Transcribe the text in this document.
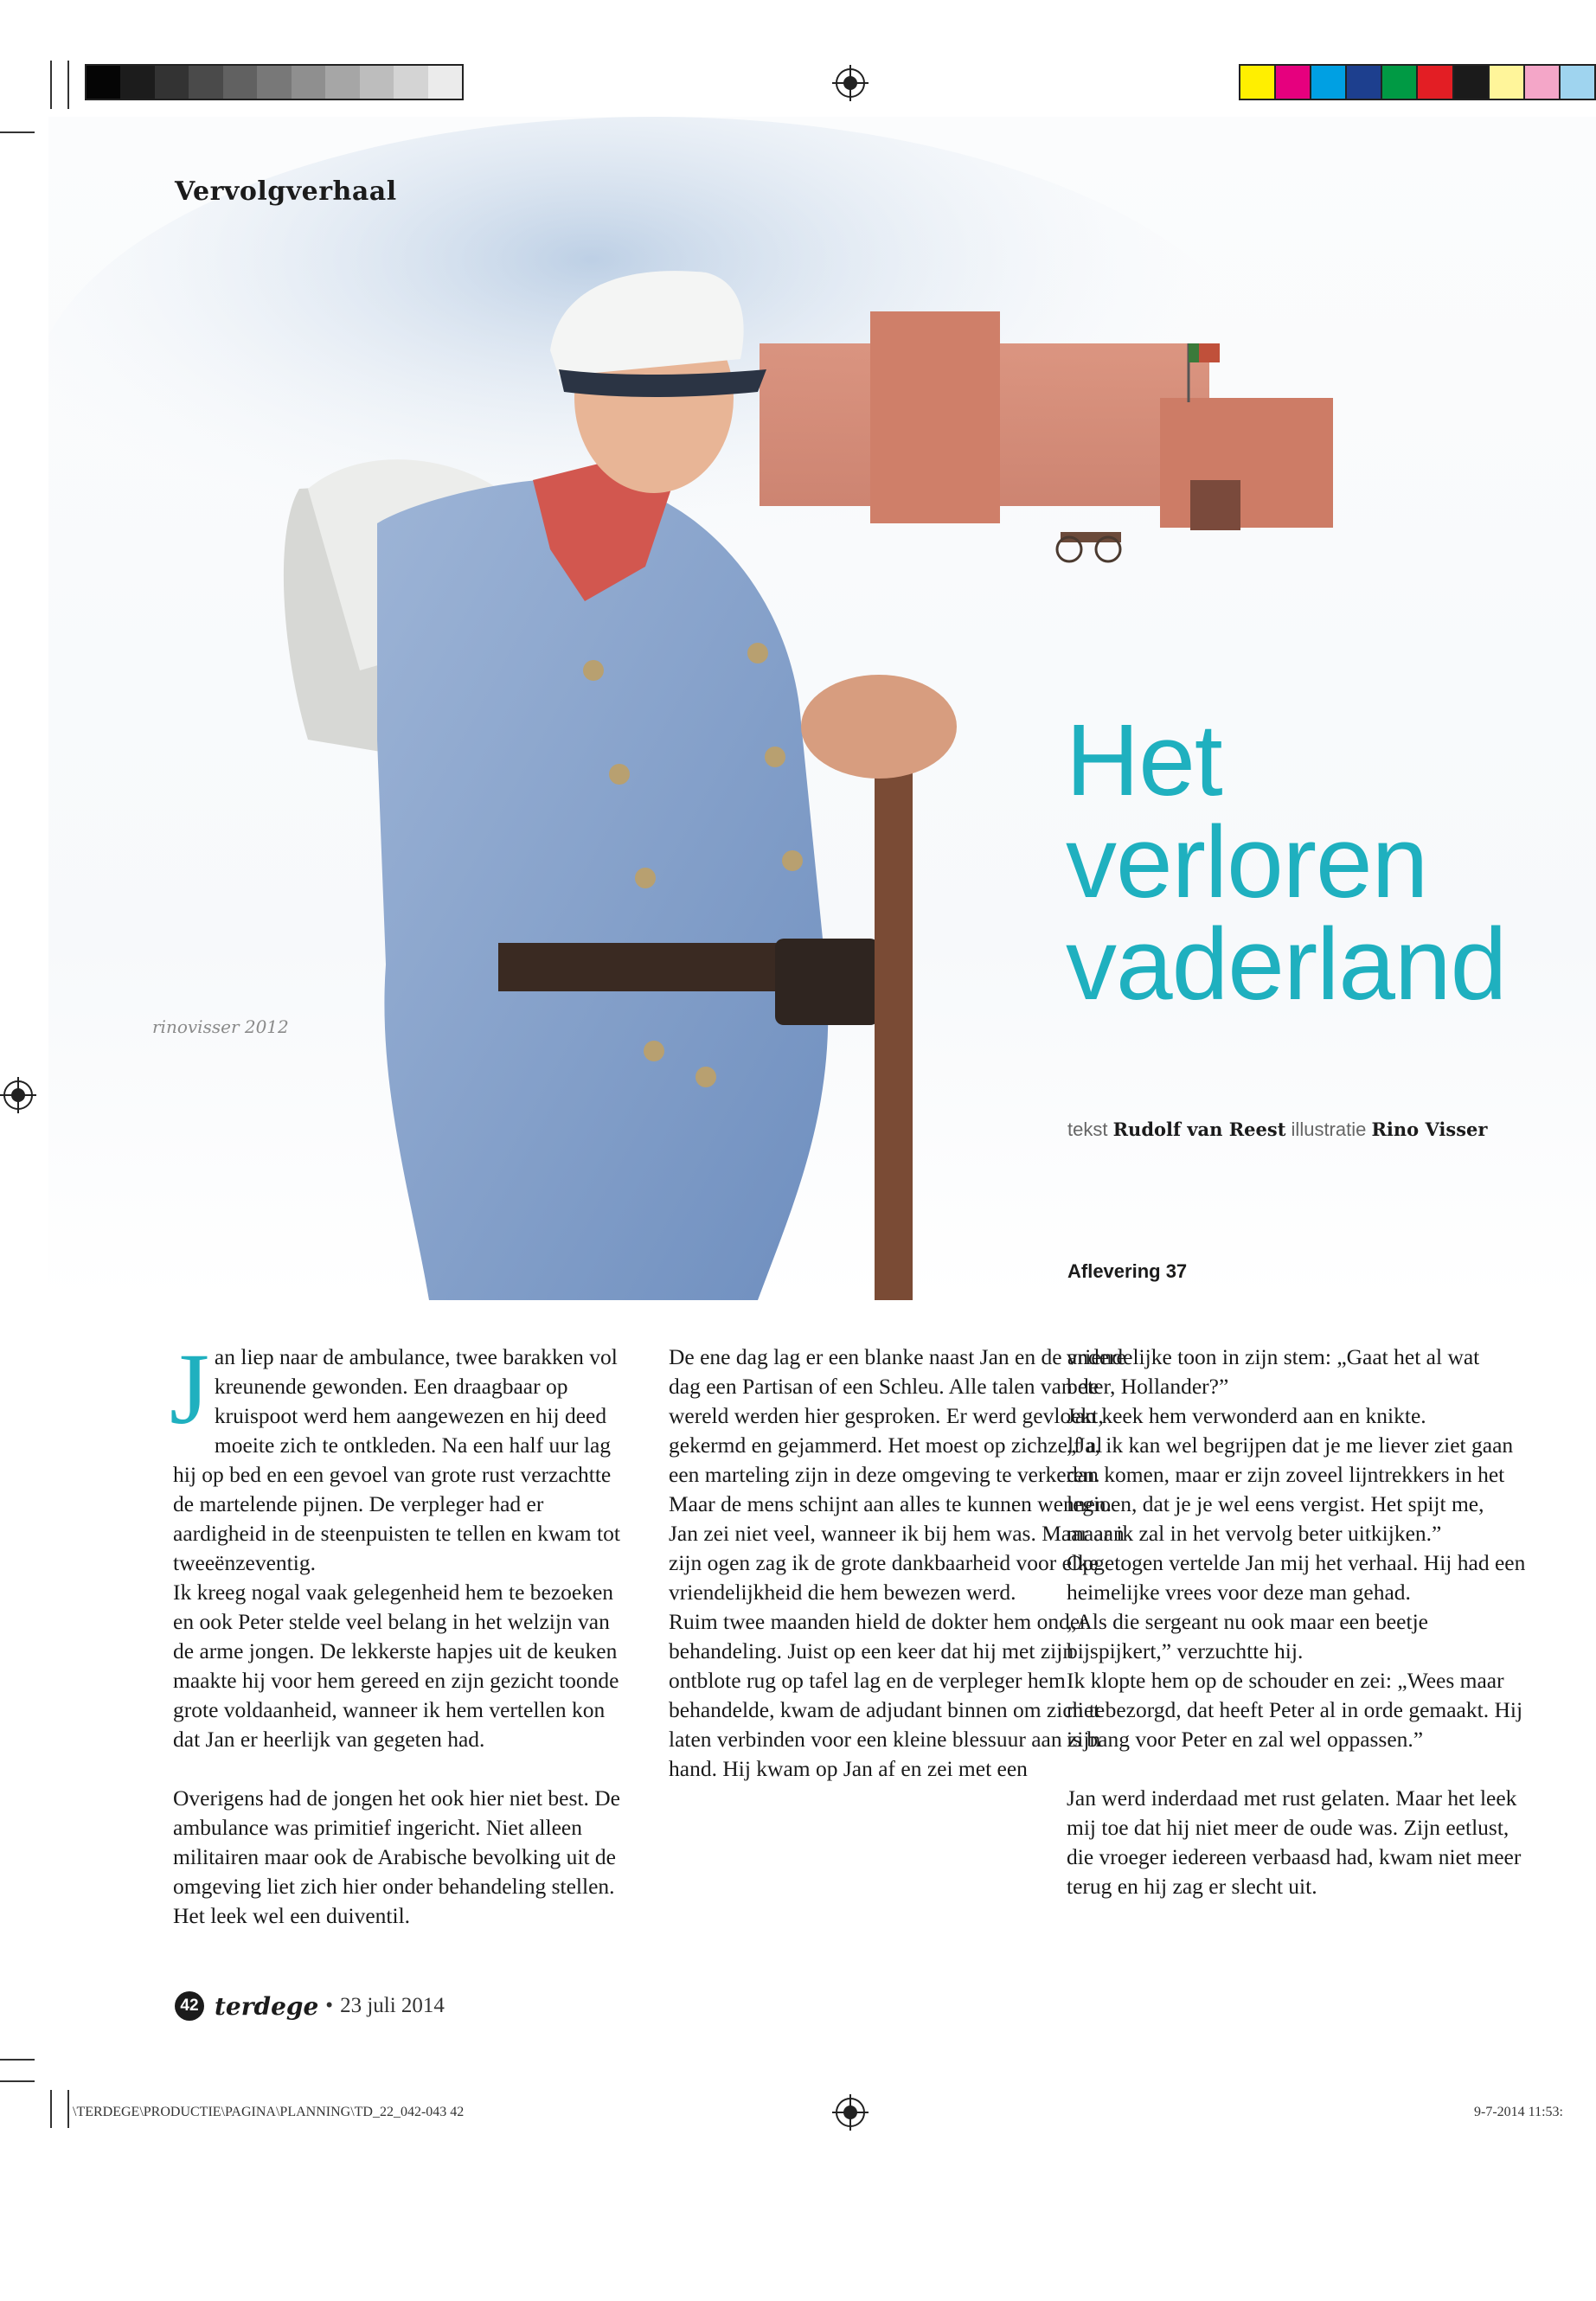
rinovisser 2012
Vervolgverhaal
Het
verloren
vaderland
tekst Rudolf van Reest illustratie Rino Visser
Aflevering 37

Jan liep naar de ambulance, twee barakken vol kreunende gewonden. Een draagbaar op kruispoot werd hem aangewezen en hij deed moeite zich te ontkleden. Na een half uur lag hij op bed en een gevoel van grote rust verzachtte de martelende pijnen. De verpleger had er aardigheid in de steenpuisten te tellen en kwam tot tweeënzeventig.

Ik kreeg nogal vaak gelegenheid hem te bezoeken en ook Peter stelde veel belang in het welzijn van de arme jongen. De lekkerste hapjes uit de keuken maakte hij voor hem gereed en zijn gezicht toonde grote voldaanheid, wanneer ik hem vertellen kon dat Jan er heerlijk van gegeten had.

Overigens had de jongen het ook hier niet best. De ambulance was primitief ingericht. Niet alleen militairen maar ook de Arabische bevolking uit de omgeving liet zich hier onder behandeling stellen. Het leek wel een duiventil.

De ene dag lag er een blanke naast Jan en de andere dag een Partisan of een Schleu. Alle talen van de wereld werden hier gesproken. Er werd gevloekt, gekermd en gejammerd. Het moest op zichzelf al een marteling zijn in deze omgeving te verkeren. Maar de mens schijnt aan alles te kunnen wennen.

Jan zei niet veel, wanneer ik bij hem was. Maar aan zijn ogen zag ik de grote dankbaarheid voor elke vriendelijkheid die hem bewezen werd.

Ruim twee maanden hield de dokter hem onder behandeling. Juist op een keer dat hij met zijn ontblote rug op tafel lag en de verpleger hem behandelde, kwam de adjudant binnen om zich te laten verbinden voor een kleine blessuur aan zijn hand. Hij kwam op Jan af en zei met een

vriendelijke toon in zijn stem: „Gaat het al wat beter, Hollander?”

Jan keek hem verwonderd aan en knikte.

„Ja, ik kan wel begrijpen dat je me liever ziet gaan dan komen, maar er zijn zoveel lijntrekkers in het legioen, dat je je wel eens vergist. Het spijt me, maar ik zal in het vervolg beter uitkijken.”

Opgetogen vertelde Jan mij het verhaal. Hij had een heimelijke vrees voor deze man gehad.

„Als die sergeant nu ook maar een beetje bijspijkert,” verzuchtte hij.

Ik klopte hem op de schouder en zei: „Wees maar niet bezorgd, dat heeft Peter al in orde gemaakt. Hij is bang voor Peter en zal wel oppassen.”

Jan werd inderdaad met rust gelaten. Maar het leek mij toe dat hij niet meer de oude was. Zijn eetlust, die vroeger iedereen verbaasd had, kwam niet meer terug en hij zag er slecht uit.

42 terdege • 23 juli 2014
\TERDEGE\PRODUCTIE\PAGINA\PLANNING\TD_22_042-043 42	9-7-2014 11:53:
